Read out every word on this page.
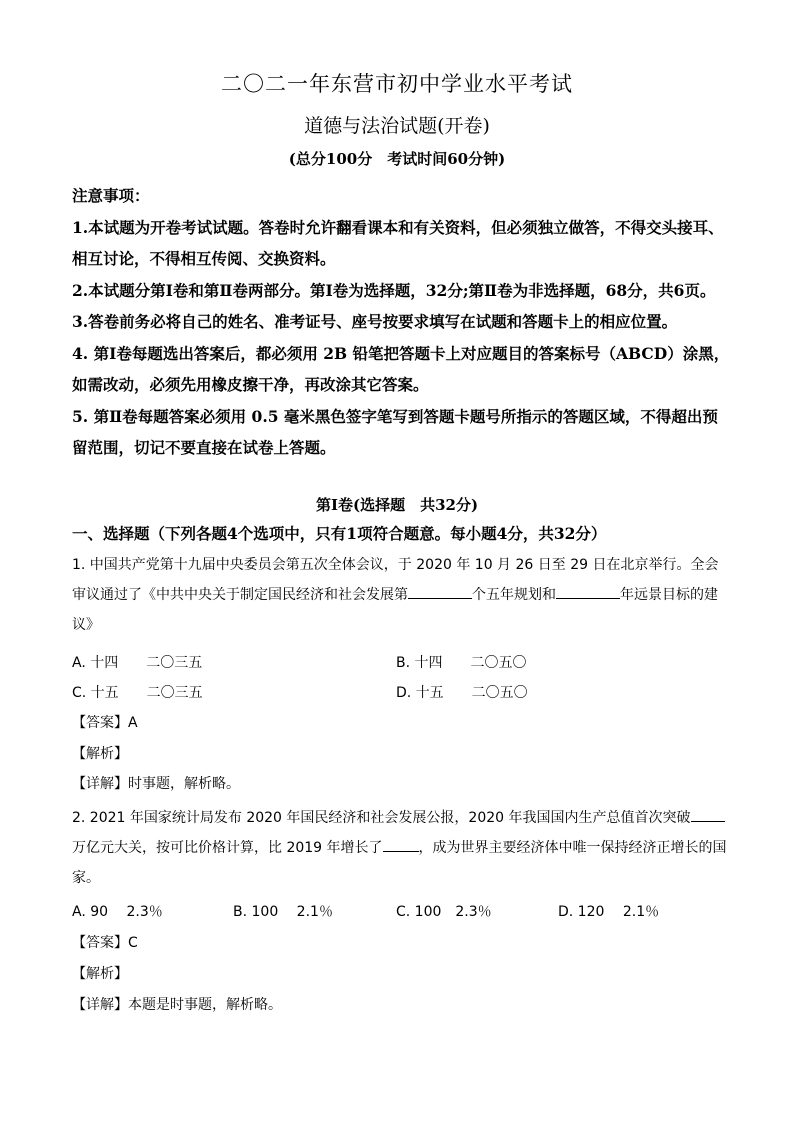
二〇二一年东营市初中学业水平考试
道德与法治试题(开卷)
(总分100分　考试时间60分钟)

注意事项：

1.本试题为开卷考试试题。答卷时允许翻看课本和有关资料，但必须独立做答，不得交头接耳、相互讨论，不得相互传阅、交换资料。

2.本试题分第Ⅰ卷和第Ⅱ卷两部分。第Ⅰ卷为选择题，32分;第Ⅱ卷为非选择题，68分，共6页。

3.答卷前务必将自己的姓名、准考证号、座号按要求填写在试题和答题卡上的相应位置。

4. 第Ⅰ卷每题选出答案后，都必须用 2B 铅笔把答题卡上对应题目的答案标号（ABCD）涂黑，如需改动，必须先用橡皮擦干净，再改涂其它答案。

5. 第Ⅱ卷每题答案必须用 0.5 毫米黑色签字笔写到答题卡题号所指示的答题区域，不得超出预留范围，切记不要直接在试卷上答题。

第Ⅰ卷(选择题　共32分)
一、选择题（下列各题4个选项中，只有1项符合题意。每小题4分，共32分）
1. 中国共产党第十九届中央委员会第五次全体会议，于 2020 年 10 月 26 日至 29 日在北京举行。全会审议通过了《中共中央关于制定国民经济和社会发展第	个五年规划和	年远景目标的建议》
A. 十四　　二〇三五	B. 十四　　二〇五〇
C. 十五　　二〇三五	D. 十五　　二〇五〇
【答案】A
【解析】
【详解】时事题，解析略。
2. 2021 年国家统计局发布 2020 年国民经济和社会发展公报，2020 年我国国内生产总值首次突破万亿元大关，按可比价格计算，比 2019 年增长了	，成为世界主要经济体中唯一保持经济正增长的国家。
A. 90　 2.3％	B. 100　 2.1％	C. 100　2.3％	D. 120　 2.1％
【答案】C
【解析】
【详解】本题是时事题，解析略。
